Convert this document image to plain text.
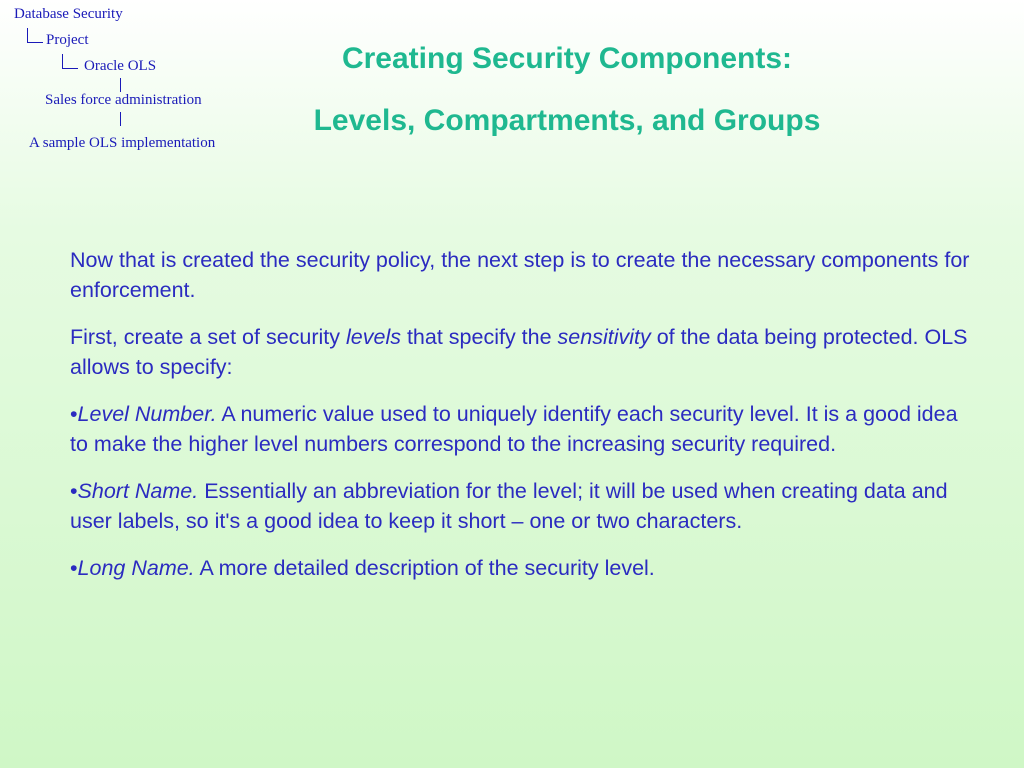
Database Security
Project
Oracle OLS
Sales force administration
A sample OLS implementation
Creating Security Components:
Levels, Compartments, and Groups

Now that is created the security policy, the next step is to create the necessary components for enforcement.

First, create a set of security levels that specify the sensitivity of the data being protected. OLS allows to specify:

•Level Number. A numeric value used to uniquely identify each security level. It is a good idea to make the higher level numbers correspond to the increasing security required.

•Short Name. Essentially an abbreviation for the level; it will be used when creating data and user labels, so it's a good idea to keep it short – one or two characters.

•Long Name. A more detailed description of the security level.
